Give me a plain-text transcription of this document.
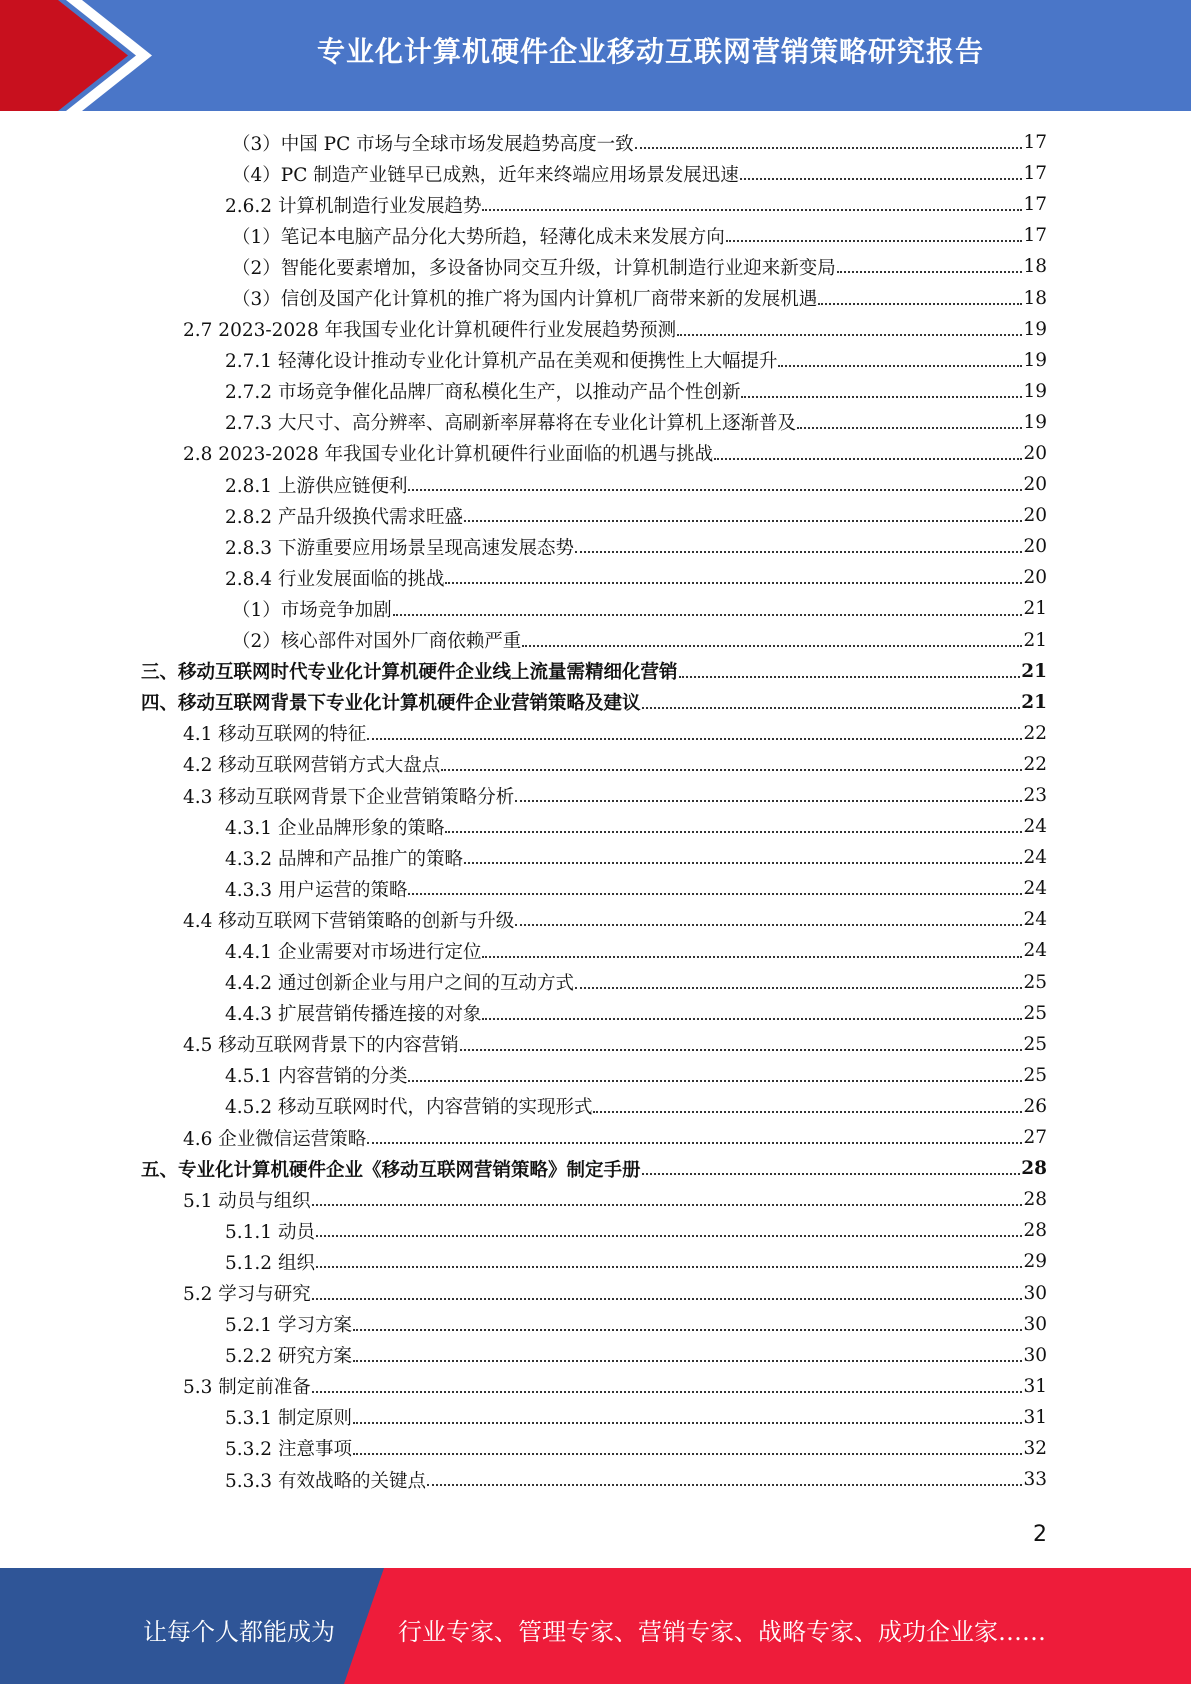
专业化计算机硬件企业移动互联网营销策略研究报告
（3）中国 PC 市场与全球市场发展趋势高度一致	17
（4）PC 制造产业链早已成熟，近年来终端应用场景发展迅速	17
2.6.2 计算机制造行业发展趋势	17
（1）笔记本电脑产品分化大势所趋，轻薄化成未来发展方向	17
（2）智能化要素增加，多设备协同交互升级，计算机制造行业迎来新变局	18
（3）信创及国产化计算机的推广将为国内计算机厂商带来新的发展机遇	18
2.7 2023-2028 年我国专业化计算机硬件行业发展趋势预测	19
2.7.1 轻薄化设计推动专业化计算机产品在美观和便携性上大幅提升	19
2.7.2 市场竞争催化品牌厂商私模化生产，以推动产品个性创新	19
2.7.3 大尺寸、高分辨率、高刷新率屏幕将在专业化计算机上逐渐普及	19
2.8 2023-2028 年我国专业化计算机硬件行业面临的机遇与挑战	20
2.8.1 上游供应链便利	20
2.8.2 产品升级换代需求旺盛	20
2.8.3 下游重要应用场景呈现高速发展态势	20
2.8.4 行业发展面临的挑战	20
（1）市场竞争加剧	21
（2）核心部件对国外厂商依赖严重	21
三、移动互联网时代专业化计算机硬件企业线上流量需精细化营销	21
四、移动互联网背景下专业化计算机硬件企业营销策略及建议	21
4.1 移动互联网的特征	22
4.2 移动互联网营销方式大盘点	22
4.3 移动互联网背景下企业营销策略分析	23
4.3.1 企业品牌形象的策略	24
4.3.2 品牌和产品推广的策略	24
4.3.3 用户运营的策略	24
4.4 移动互联网下营销策略的创新与升级	24
4.4.1 企业需要对市场进行定位	24
4.4.2 通过创新企业与用户之间的互动方式	25
4.4.3 扩展营销传播连接的对象	25
4.5 移动互联网背景下的内容营销	25
4.5.1 内容营销的分类	25
4.5.2 移动互联网时代，内容营销的实现形式	26
4.6 企业微信运营策略	27
五、专业化计算机硬件企业《移动互联网营销策略》制定手册	28
5.1 动员与组织	28
5.1.1 动员	28
5.1.2 组织	29
5.2 学习与研究	30
5.2.1 学习方案	30
5.2.2 研究方案	30
5.3 制定前准备	31
5.3.1 制定原则	31
5.3.2 注意事项	32
5.3.3 有效战略的关键点	33
2
让每个人都能成为	行业专家、管理专家、营销专家、战略专家、成功企业家……
